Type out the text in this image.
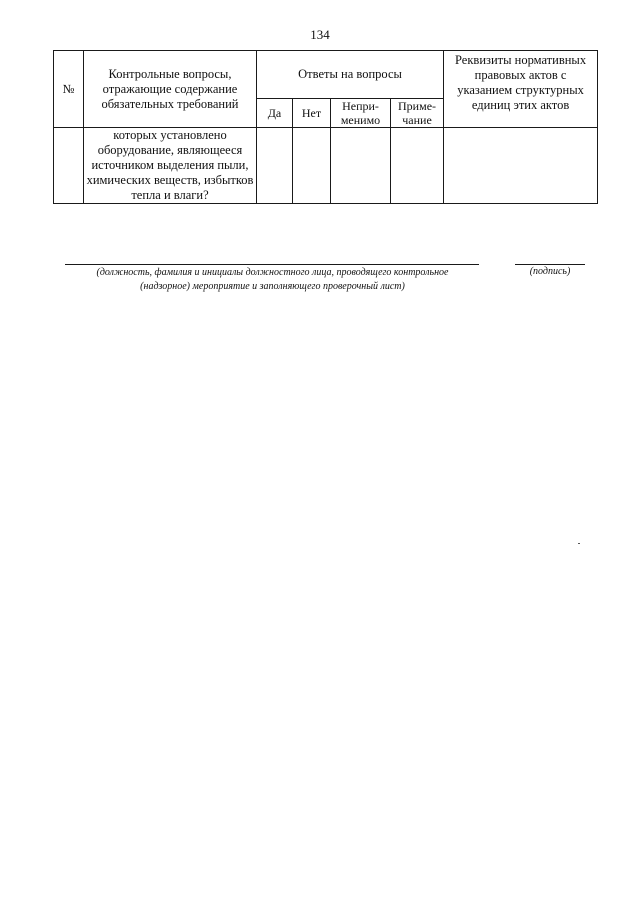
134
№	Контрольные вопросы, отражающие содержание обязательных требований	Ответы на вопросы				Реквизиты нормативных правовых актов с указанием структурных единиц этих актов
		Да	Нет	Непри-менимо	Приме-чание	
	которых установлено оборудование, являющееся источником выделения пыли, химических веществ, избытков тепла и влаги?					
(должность, фамилия и инициалы должностного лица, проводящего контрольное (надзорное) мероприятие и заполняющего проверочный лист)
(подпись)
